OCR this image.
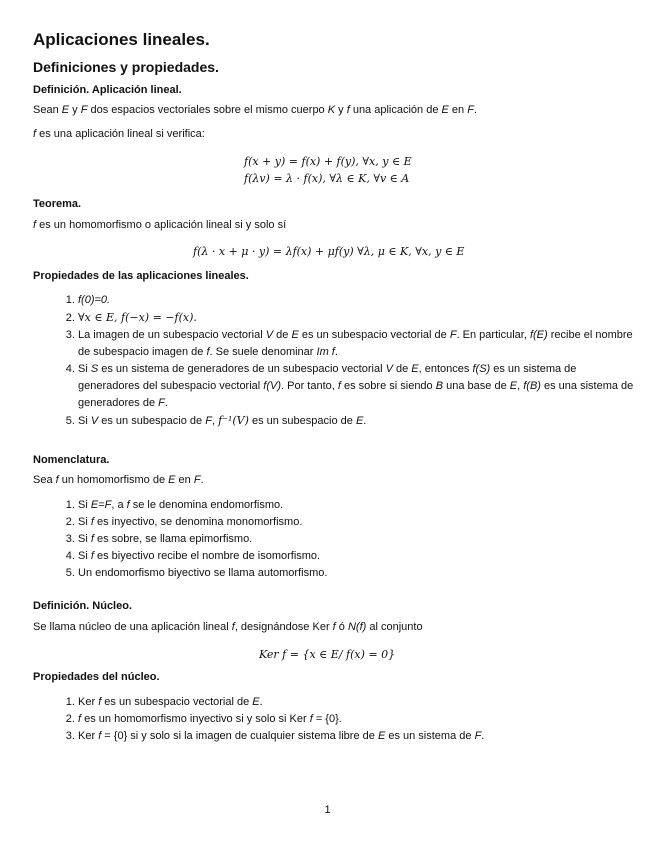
Aplicaciones lineales.
Definiciones y propiedades.
Definición. Aplicación lineal.

Sean E y F dos espacios vectoriales sobre el mismo cuerpo K y f una aplicación de E en F.

f es una aplicación lineal si verifica:

f(x + y) = f(x) + f(y), ∀x, y ∈ E
f(λv) = λ · f(x), ∀λ ∈ K, ∀v ∈ A
Teorema.

f es un homomorfismo o aplicación lineal si y solo sí

f(λ · x + μ · y) = λf(x) + μf(y) ∀λ, μ ∈ K, ∀x, y ∈ E
Propiedades de las aplicaciones lineales.
1. f(0)=0.
2. ∀x ∈ E, f(−x) = −f(x).
3. La imagen de un subespacio vectorial V de E es un subespacio vectorial de F. En particular, f(E) recibe el nombre de subespacio imagen de f. Se suele denominar Im f.
4. Si S es un sistema de generadores de un subespacio vectorial V de E, entonces f(S) es un sistema de generadores del subespacio vectorial f(V). Por tanto, f es sobre si siendo B una base de E, f(B) es una sistema de generadores de F.
5. Si V es un subespacio de F, f⁻¹(V) es un subespacio de E.
Nomenclatura.

Sea f un homomorfismo de E en F.

1. Si E=F, a f se le denomina endomorfismo.
2. Si f es inyectivo, se denomina monomorfismo.
3. Si f es sobre, se llama epimorfismo.
4. Si f es biyectivo recibe el nombre de isomorfismo.
5. Un endomorfismo biyectivo se llama automorfismo.
Definición. Núcleo.

Se llama núcleo de una aplicación lineal f, designándose Ker f ó N(f) al conjunto

Ker f = {x ∈ E/ f(x) = 0}
Propiedades del núcleo.
1. Ker f es un subespacio vectorial de E.
2. f es un homomorfismo inyectivo si y solo si Ker f = {0}.
3. Ker f = {0} si y solo si la imagen de cualquier sistema libre de E es un sistema de F.
1
